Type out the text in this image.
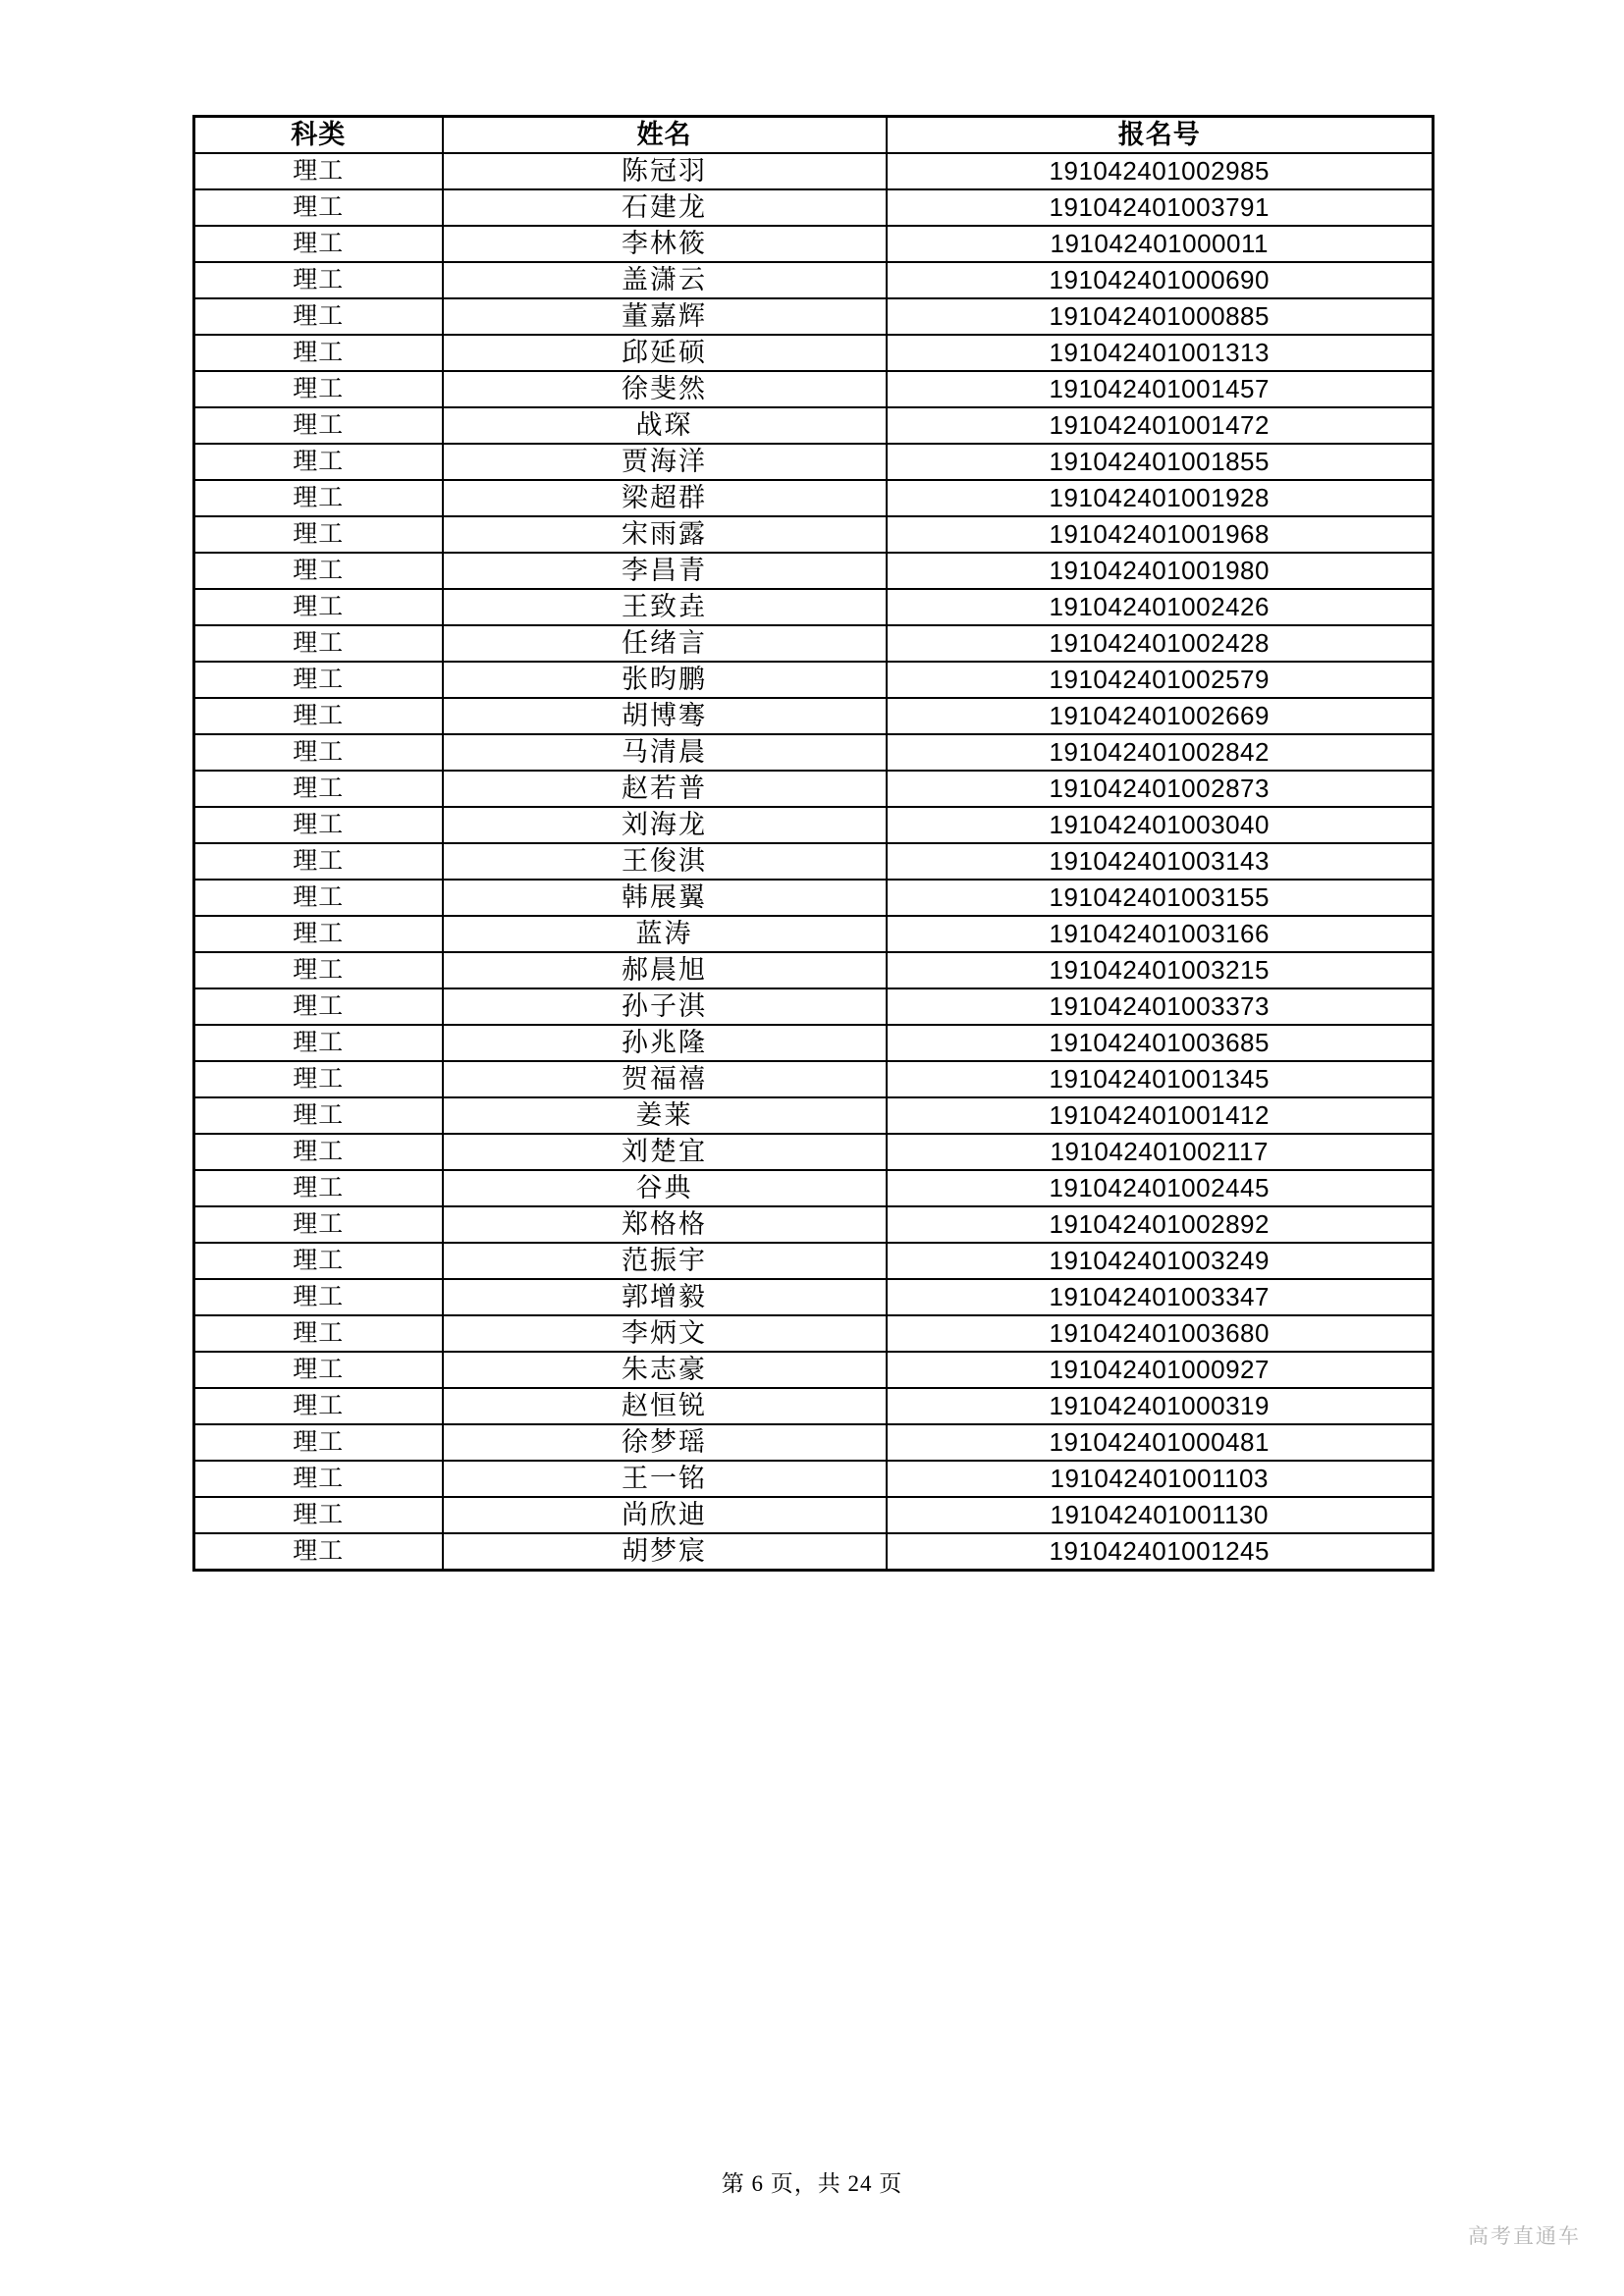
科类	姓名	报名号
理工	陈冠羽	191042401002985
理工	石建龙	191042401003791
理工	李林筱	191042401000011
理工	盖潇云	191042401000690
理工	董嘉辉	191042401000885
理工	邱延硕	191042401001313
理工	徐斐然	191042401001457
理工	战琛	191042401001472
理工	贾海洋	191042401001855
理工	梁超群	191042401001928
理工	宋雨露	191042401001968
理工	李昌青	191042401001980
理工	王致垚	191042401002426
理工	任绪言	191042401002428
理工	张昀鹏	191042401002579
理工	胡博骞	191042401002669
理工	马清晨	191042401002842
理工	赵若普	191042401002873
理工	刘海龙	191042401003040
理工	王俊淇	191042401003143
理工	韩展翼	191042401003155
理工	蓝涛	191042401003166
理工	郝晨旭	191042401003215
理工	孙子淇	191042401003373
理工	孙兆隆	191042401003685
理工	贺福禧	191042401001345
理工	姜莱	191042401001412
理工	刘楚宜	191042401002117
理工	谷典	191042401002445
理工	郑格格	191042401002892
理工	范振宇	191042401003249
理工	郭增毅	191042401003347
理工	李炳文	191042401003680
理工	朱志豪	191042401000927
理工	赵恒锐	191042401000319
理工	徐梦瑶	191042401000481
理工	王一铭	191042401001103
理工	尚欣迪	191042401001130
理工	胡梦宸	191042401001245
第 6 页，共 24 页
高考直通车
